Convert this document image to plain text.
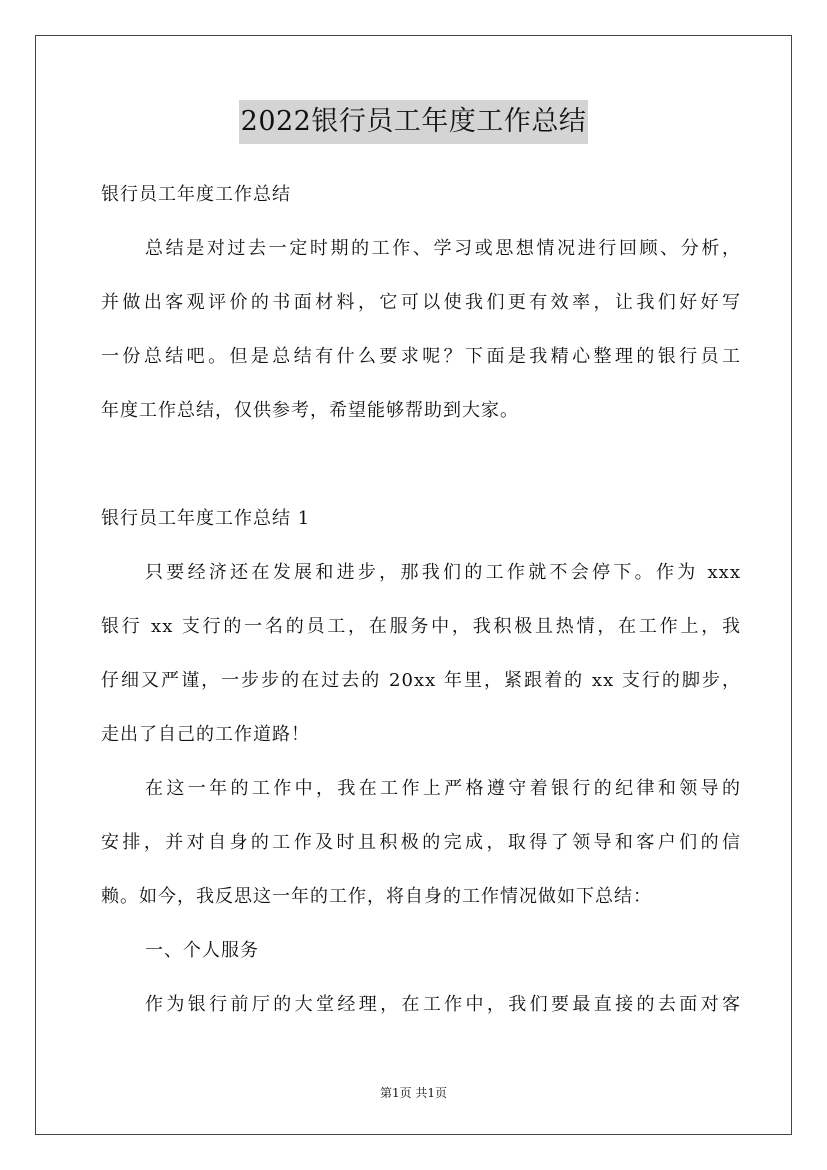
2022银行员工年度工作总结
银行员工年度工作总结
总结是对过去一定时期的工作、学习或思想情况进行回顾、分析，
并做出客观评价的书面材料，它可以使我们更有效率，让我们好好写
一份总结吧。但是总结有什么要求呢？下面是我精心整理的银行员工
年度工作总结，仅供参考，希望能够帮助到大家。
银行员工年度工作总结 1
只要经济还在发展和进步，那我们的工作就不会停下。作为 xxx
银行 xx 支行的一名的员工，在服务中，我积极且热情，在工作上，我
仔细又严谨，一步步的在过去的 20xx 年里，紧跟着的 xx 支行的脚步，
走出了自己的工作道路！
在这一年的工作中，我在工作上严格遵守着银行的纪律和领导的
安排，并对自身的工作及时且积极的完成，取得了领导和客户们的信
赖。如今，我反思这一年的工作，将自身的工作情况做如下总结：
一、个人服务
作为银行前厅的大堂经理，在工作中，我们要最直接的去面对客
第1页 共1页
